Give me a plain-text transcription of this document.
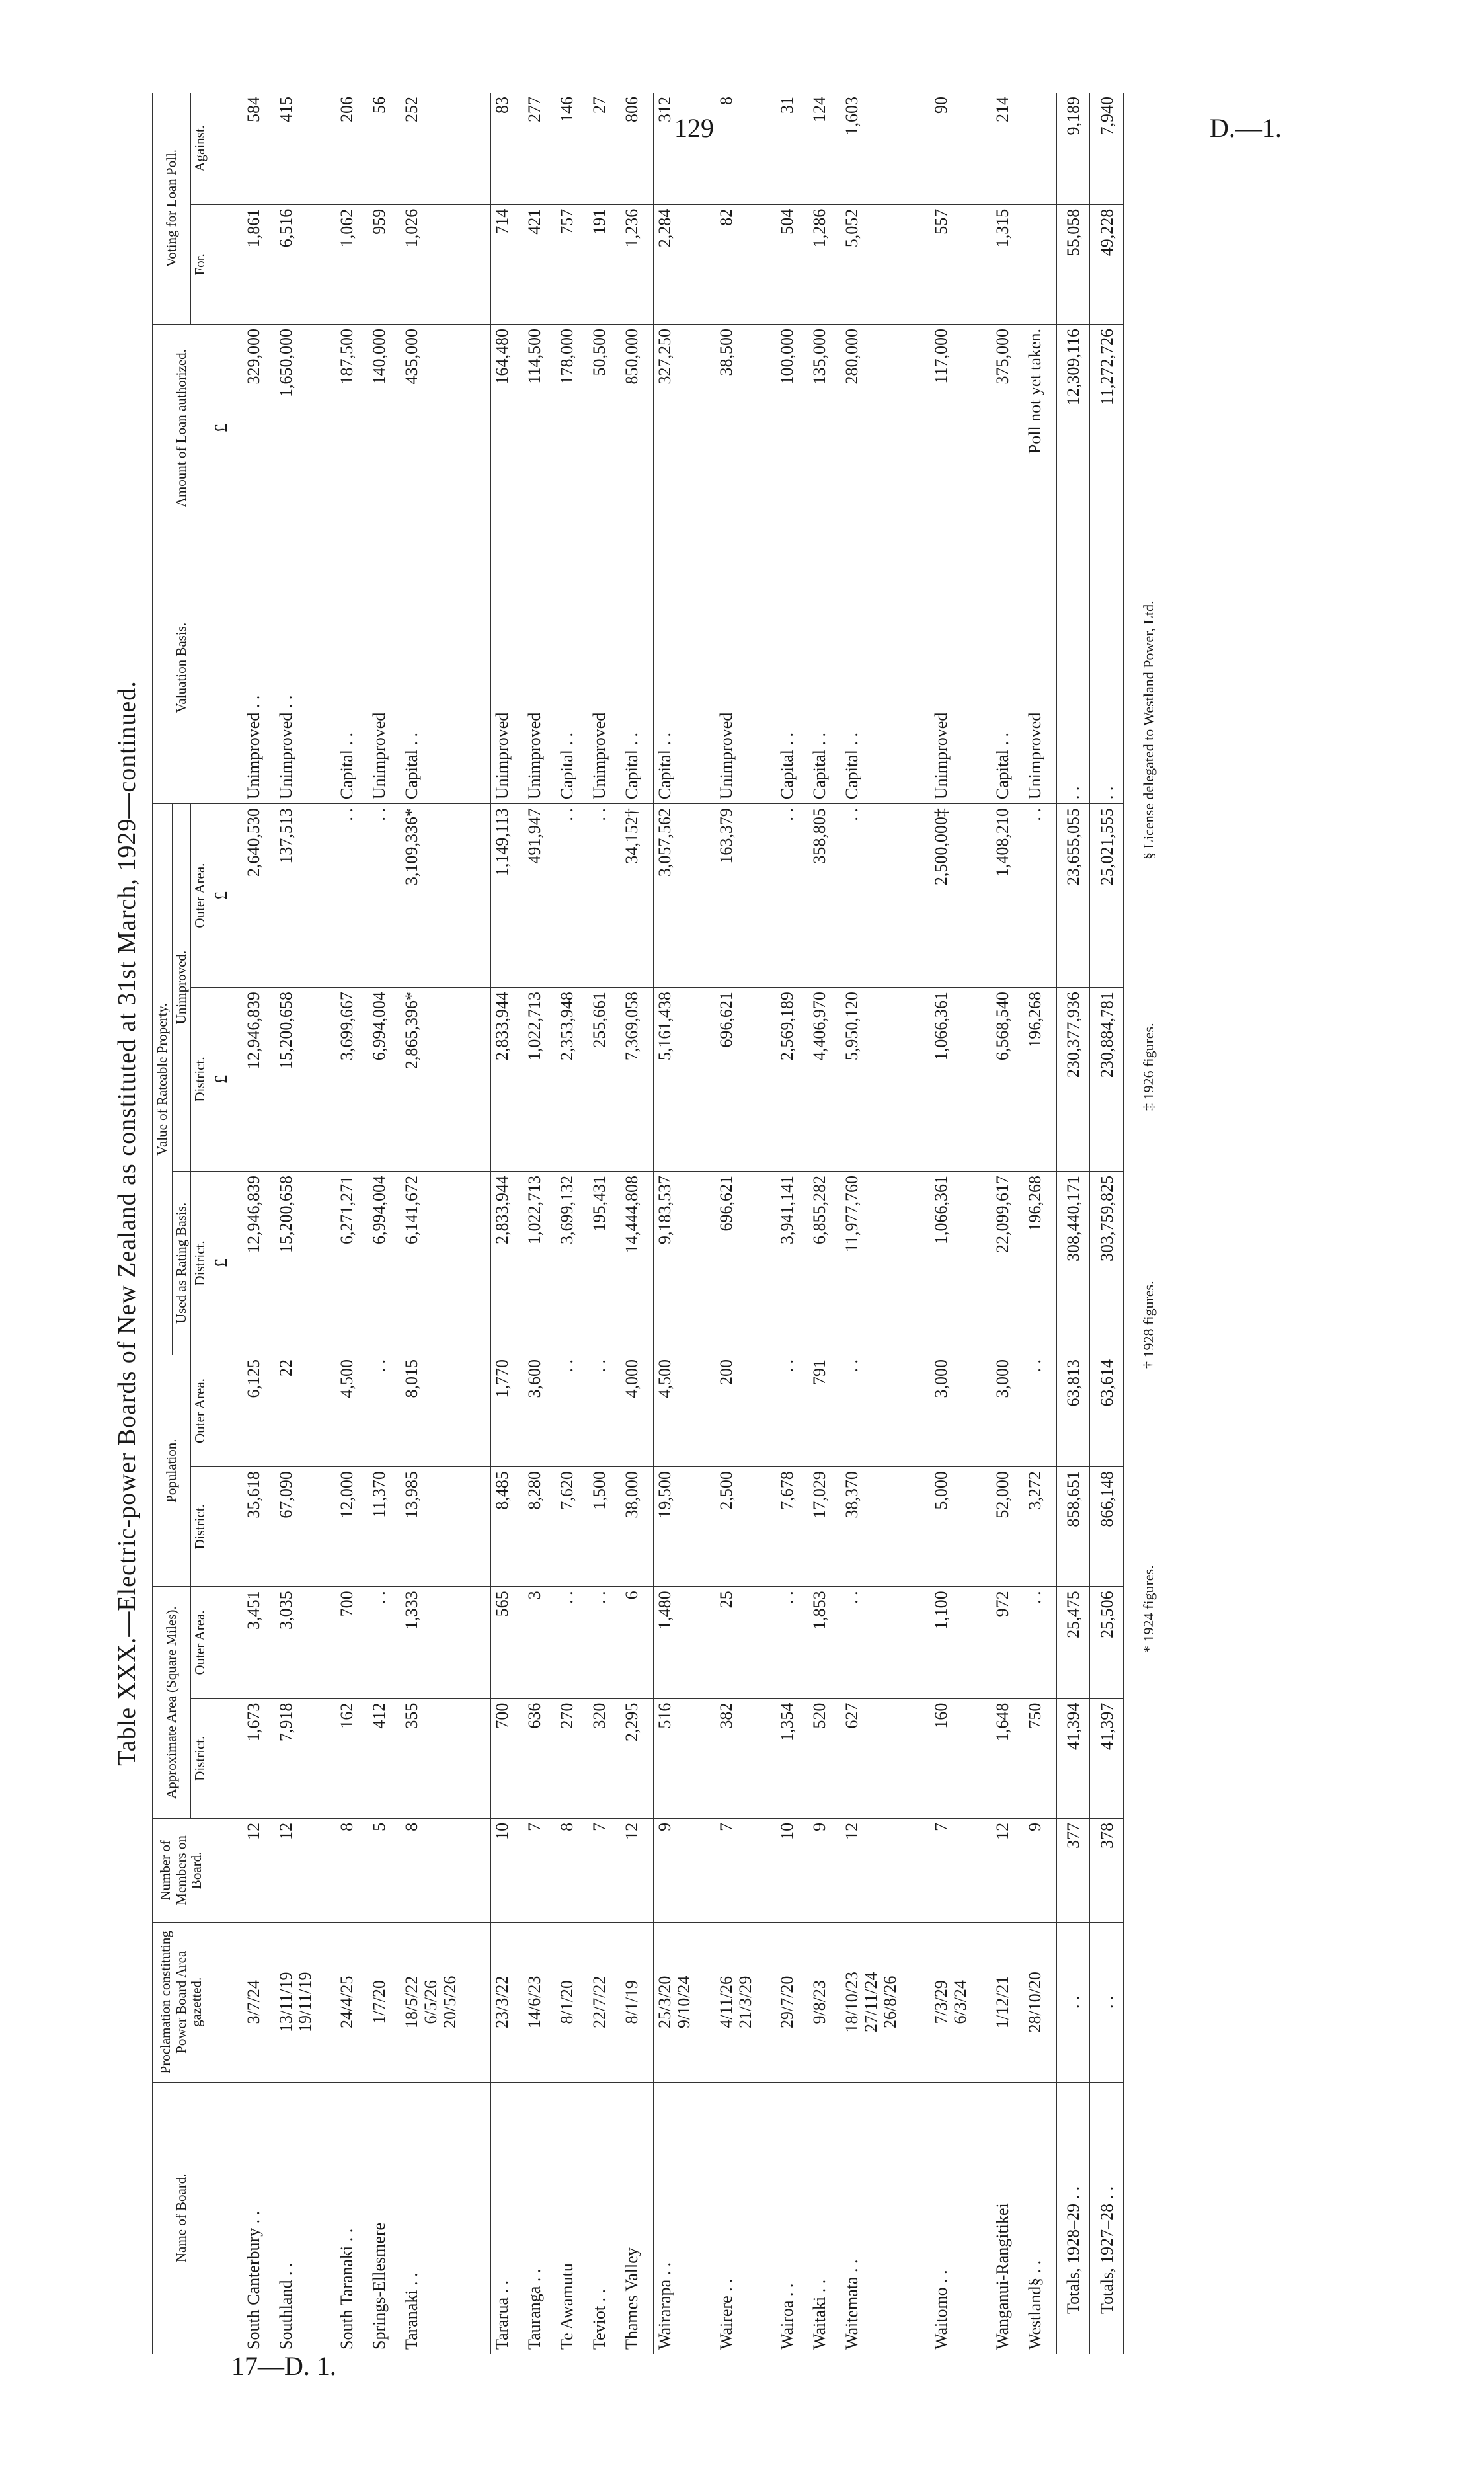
129	D.—1.
17—D. 1.
Table XXX.—Electric-power Boards of New Zealand as constituted at 31st March, 1929—continued.
Name of Board.	Proclamation constituting Power Board Area gazetted.	Number of Members on Board.	Approximate Area (Square Miles).		Population.		Value of Rateable Property.			Valuation Basis.	Amount of Loan authorized.	Voting for Loan Poll.	
							Used as Rating Basis.	Unimproved.					
			District.	Outer Area.	District.	Outer Area.	District.	District.	Outer Area.			For.	Against.
							£	£	£		£		
South Canterbury . .	3/7/24	12	1,673	3,451	35,618	6,125	12,946,839	12,946,839	2,640,530	Unimproved . .	329,000	1,861	584
Southland . .	13/11/19 19/11/19	12	7,918	3,035	67,090	22	15,200,658	15,200,658	137,513	Unimproved . .	1,650,000	6,516	415
South Taranaki . .	24/4/25	8	162	700	12,000	4,500	6,271,271	3,699,667	. .	Capital . .	187,500	1,062	206
Springs-Ellesmere	1/7/20	5	412	. .	11,370	. .	6,994,004	6,994,004	. .	Unimproved	140,000	959	56
Taranaki . .	18/5/22 6/5/26 20/5/26	8	355	1,333	13,985	8,015	6,141,672	2,865,396*	3,109,336*	Capital . .	435,000	1,026	252
Tararua . .	23/3/22	10	700	565	8,485	1,770	2,833,944	2,833,944	1,149,113	Unimproved	164,480	714	83
Tauranga . .	14/6/23	7	636	3	8,280	3,600	1,022,713	1,022,713	491,947	Unimproved	114,500	421	277
Te Awamutu	8/1/20	8	270	. .	7,620	. .	3,699,132	2,353,948	. .	Capital . .	178,000	757	146
Teviot . .	22/7/22	7	320	. .	1,500	. .	195,431	255,661	. .	Unimproved	50,500	191	27
Thames Valley	8/1/19	12	2,295	6	38,000	4,000	14,444,808	7,369,058	34,152†	Capital . .	850,000	1,236	806
Wairarapa . .	25/3/20 9/10/24	9	516	1,480	19,500	4,500	9,183,537	5,161,438	3,057,562	Capital . .	327,250	2,284	312
Wairere . .	4/11/26 21/3/29	7	382	25	2,500	200	696,621	696,621	163,379	Unimproved	38,500	82	8
Wairoa . .	29/7/20	10	1,354	. .	7,678	. .	3,941,141	2,569,189	. .	Capital . .	100,000	504	31
Waitaki . .	9/8/23	9	520	1,853	17,029	791	6,855,282	4,406,970	358,805	Capital . .	135,000	1,286	124
Waitemata . .	18/10/23 27/11/24 26/8/26	12	627	. .	38,370	. .	11,977,760	5,950,120	. .	Capital . .	280,000	5,052	1,603
Waitomo . .	7/3/29 6/3/24	7	160	1,100	5,000	3,000	1,066,361	1,066,361	2,500,000‡	Unimproved	117,000	557	90
Wanganui-Rangitikei	1/12/21	12	1,648	972	52,000	3,000	22,099,617	6,568,540	1,408,210	Capital . .	375,000	1,315	214
Westland§ . .	28/10/20	9	750	. .	3,272	. .	196,268	196,268	. .	Unimproved	Poll not yet taken.		
Totals, 1928–29 . .	. .	377	41,394	25,475	858,651	63,813	308,440,171	230,377,936	23,655,055	. .	12,309,116	55,058	9,189
Totals, 1927–28 . .	. .	378	41,397	25,506	866,148	63,614	303,759,825	230,884,781	25,021,555	. .	11,272,726	49,228	7,940
* 1924 figures.
† 1928 figures.
‡ 1926 figures.
§ License delegated to Westland Power, Ltd.
